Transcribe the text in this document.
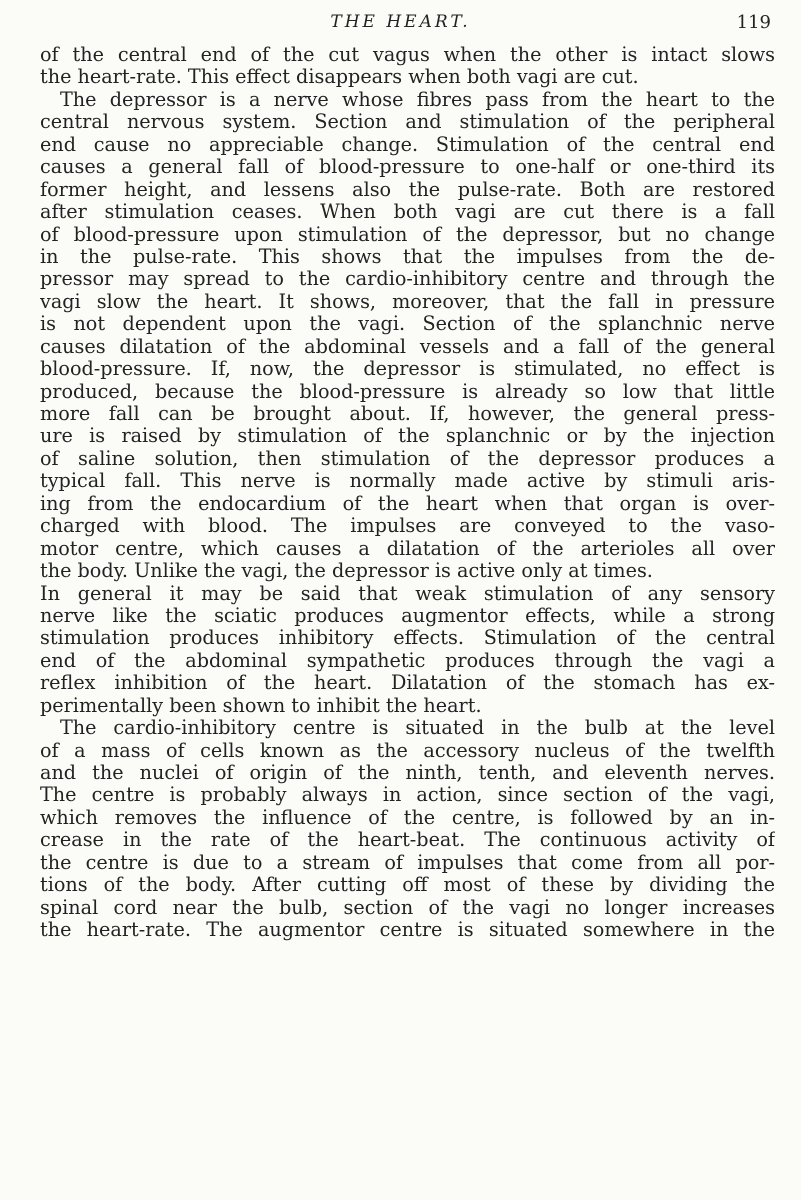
THE HEART.	119
of the central end of the cut vagus when the other is intact slows
the heart-rate. This effect disappears when both vagi are cut.
The depressor is a nerve whose fibres pass from the heart to the
central nervous system. Section and stimulation of the peripheral
end cause no appreciable change. Stimulation of the central end
causes a general fall of blood-pressure to one-half or one-third its
former height, and lessens also the pulse-rate. Both are restored
after stimulation ceases. When both vagi are cut there is a fall
of blood-pressure upon stimulation of the depressor, but no change
in the pulse-rate. This shows that the impulses from the de-
pressor may spread to the cardio-inhibitory centre and through the
vagi slow the heart. It shows, moreover, that the fall in pressure
is not dependent upon the vagi. Section of the splanchnic nerve
causes dilatation of the abdominal vessels and a fall of the general
blood-pressure. If, now, the depressor is stimulated, no effect is
produced, because the blood-pressure is already so low that little
more fall can be brought about. If, however, the general press-
ure is raised by stimulation of the splanchnic or by the injection
of saline solution, then stimulation of the depressor produces a
typical fall. This nerve is normally made active by stimuli aris-
ing from the endocardium of the heart when that organ is over-
charged with blood. The impulses are conveyed to the vaso-
motor centre, which causes a dilatation of the arterioles all over
the body. Unlike the vagi, the depressor is active only at times.
In general it may be said that weak stimulation of any sensory
nerve like the sciatic produces augmentor effects, while a strong
stimulation produces inhibitory effects. Stimulation of the central
end of the abdominal sympathetic produces through the vagi a
reflex inhibition of the heart. Dilatation of the stomach has ex-
perimentally been shown to inhibit the heart.
The cardio-inhibitory centre is situated in the bulb at the level
of a mass of cells known as the accessory nucleus of the twelfth
and the nuclei of origin of the ninth, tenth, and eleventh nerves.
The centre is probably always in action, since section of the vagi,
which removes the influence of the centre, is followed by an in-
crease in the rate of the heart-beat. The continuous activity of
the centre is due to a stream of impulses that come from all por-
tions of the body. After cutting off most of these by dividing the
spinal cord near the bulb, section of the vagi no longer increases
the heart-rate. The augmentor centre is situated somewhere in the
